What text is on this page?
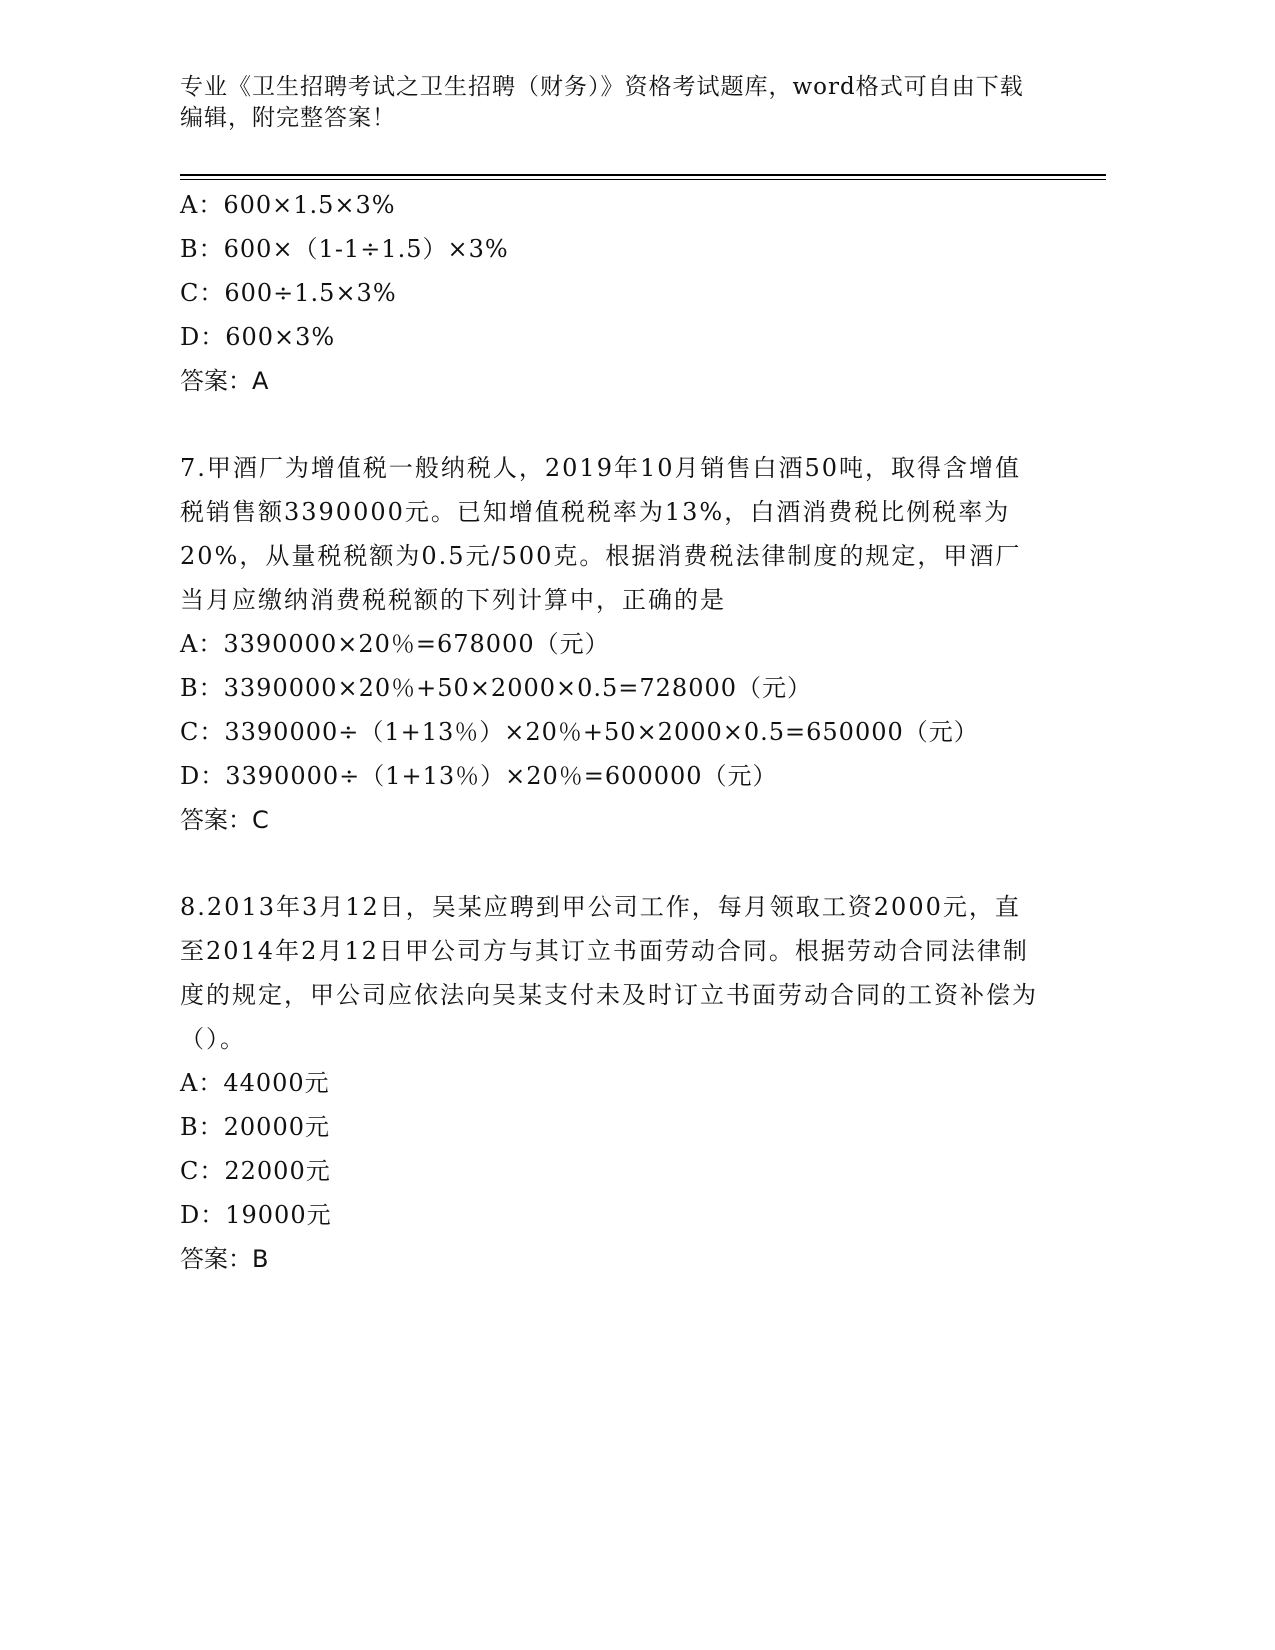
专业《卫生招聘考试之卫生招聘（财务）》资格考试题库，word格式可自由下载
编辑，附完整答案！
A：600×1.5×3%
B：600×（1-1÷1.5）×3%
C：600÷1.5×3%
D：600×3%
答案：A
7.甲酒厂为增值税一般纳税人，2019年10月销售白酒50吨，取得含增值税销售额3390000元。已知增值税税率为13%，白酒消费税比例税率为20%，从量税税额为0.5元/500克。根据消费税法律制度的规定，甲酒厂当月应缴纳消费税税额的下列计算中，正确的是
A：3390000×20％=678000（元）
B：3390000×20％+50×2000×0.5=728000（元）
C：3390000÷（1+13％）×20％+50×2000×0.5=650000（元）
D：3390000÷（1+13％）×20％=600000（元）
答案：C
8.2013年3月12日，吴某应聘到甲公司工作，每月领取工资2000元，直至2014年2月12日甲公司方与其订立书面劳动合同。根据劳动合同法律制度的规定，甲公司应依法向吴某支付未及时订立书面劳动合同的工资补偿为（）。
A：44000元
B：20000元
C：22000元
D：19000元
答案：B
